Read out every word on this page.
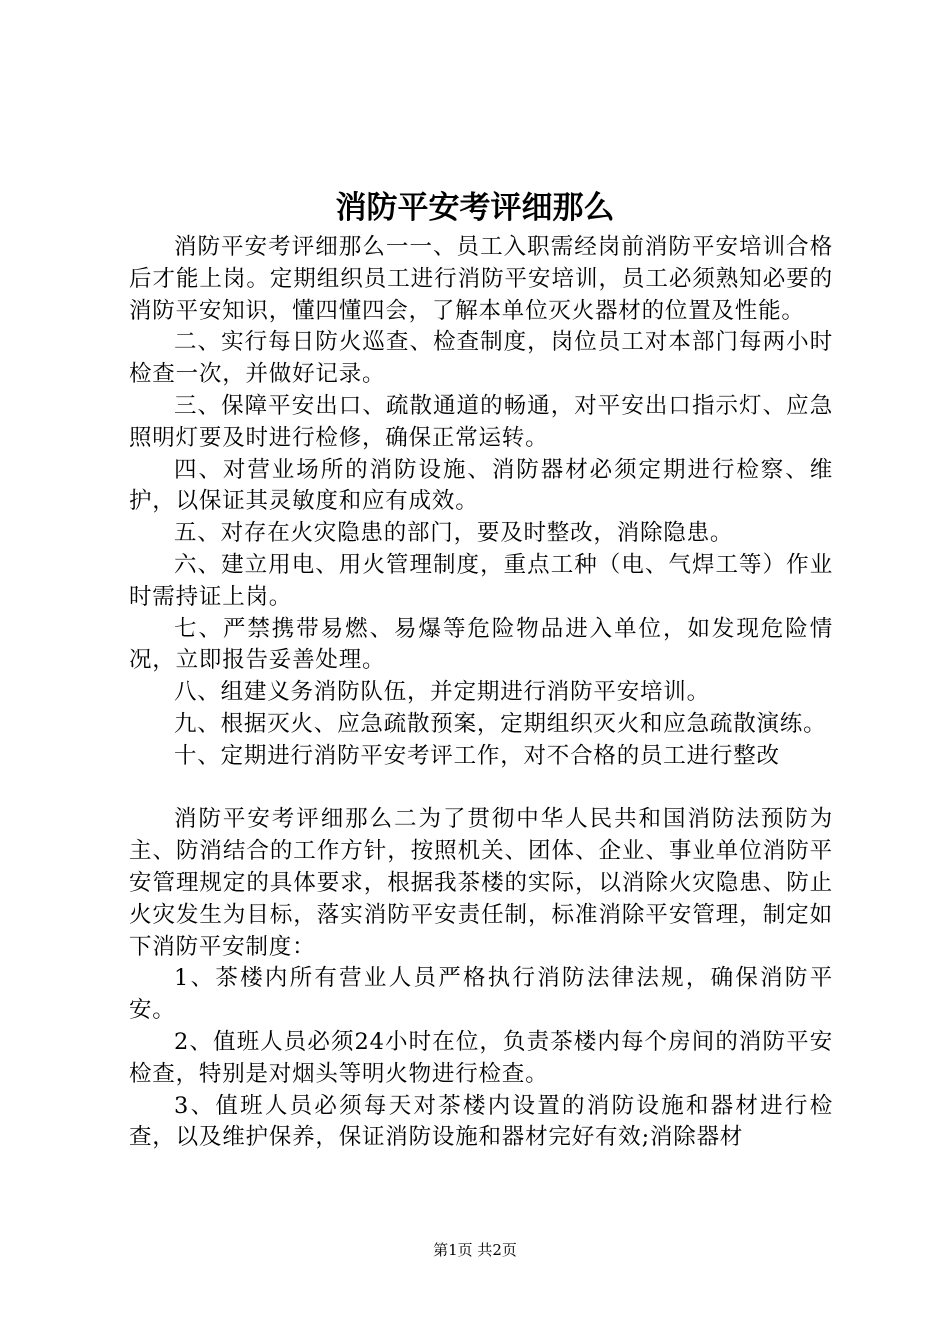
消防平安考评细那么

消防平安考评细那么一一、员工入职需经岗前消防平安培训合格后才能上岗。定期组织员工进行消防平安培训，员工必须熟知必要的消防平安知识，懂四懂四会，了解本单位灭火器材的位置及性能。

二、实行每日防火巡查、检查制度，岗位员工对本部门每两小时检查一次，并做好记录。

三、保障平安出口、疏散通道的畅通，对平安出口指示灯、应急照明灯要及时进行检修，确保正常运转。

四、对营业场所的消防设施、消防器材必须定期进行检察、维护，以保证其灵敏度和应有成效。

五、对存在火灾隐患的部门，要及时整改，消除隐患。

六、建立用电、用火管理制度，重点工种（电、气焊工等）作业时需持证上岗。

七、严禁携带易燃、易爆等危险物品进入单位，如发现危险情况，立即报告妥善处理。

八、组建义务消防队伍，并定期进行消防平安培训。

九、根据灭火、应急疏散预案，定期组织灭火和应急疏散演练。

十、定期进行消防平安考评工作，对不合格的员工进行整改

消防平安考评细那么二为了贯彻中华人民共和国消防法预防为主、防消结合的工作方针，按照机关、团体、企业、事业单位消防平安管理规定的具体要求，根据我茶楼的实际，以消除火灾隐患、防止火灾发生为目标，落实消防平安责任制，标准消除平安管理，制定如下消防平安制度：

1、茶楼内所有营业人员严格执行消防法律法规，确保消防平安。

2、值班人员必须24小时在位，负责茶楼内每个房间的消防平安检查，特别是对烟头等明火物进行检查。

3、值班人员必须每天对茶楼内设置的消防设施和器材进行检查，以及维护保养，保证消防设施和器材完好有效;消除器材

第1页 共2页
